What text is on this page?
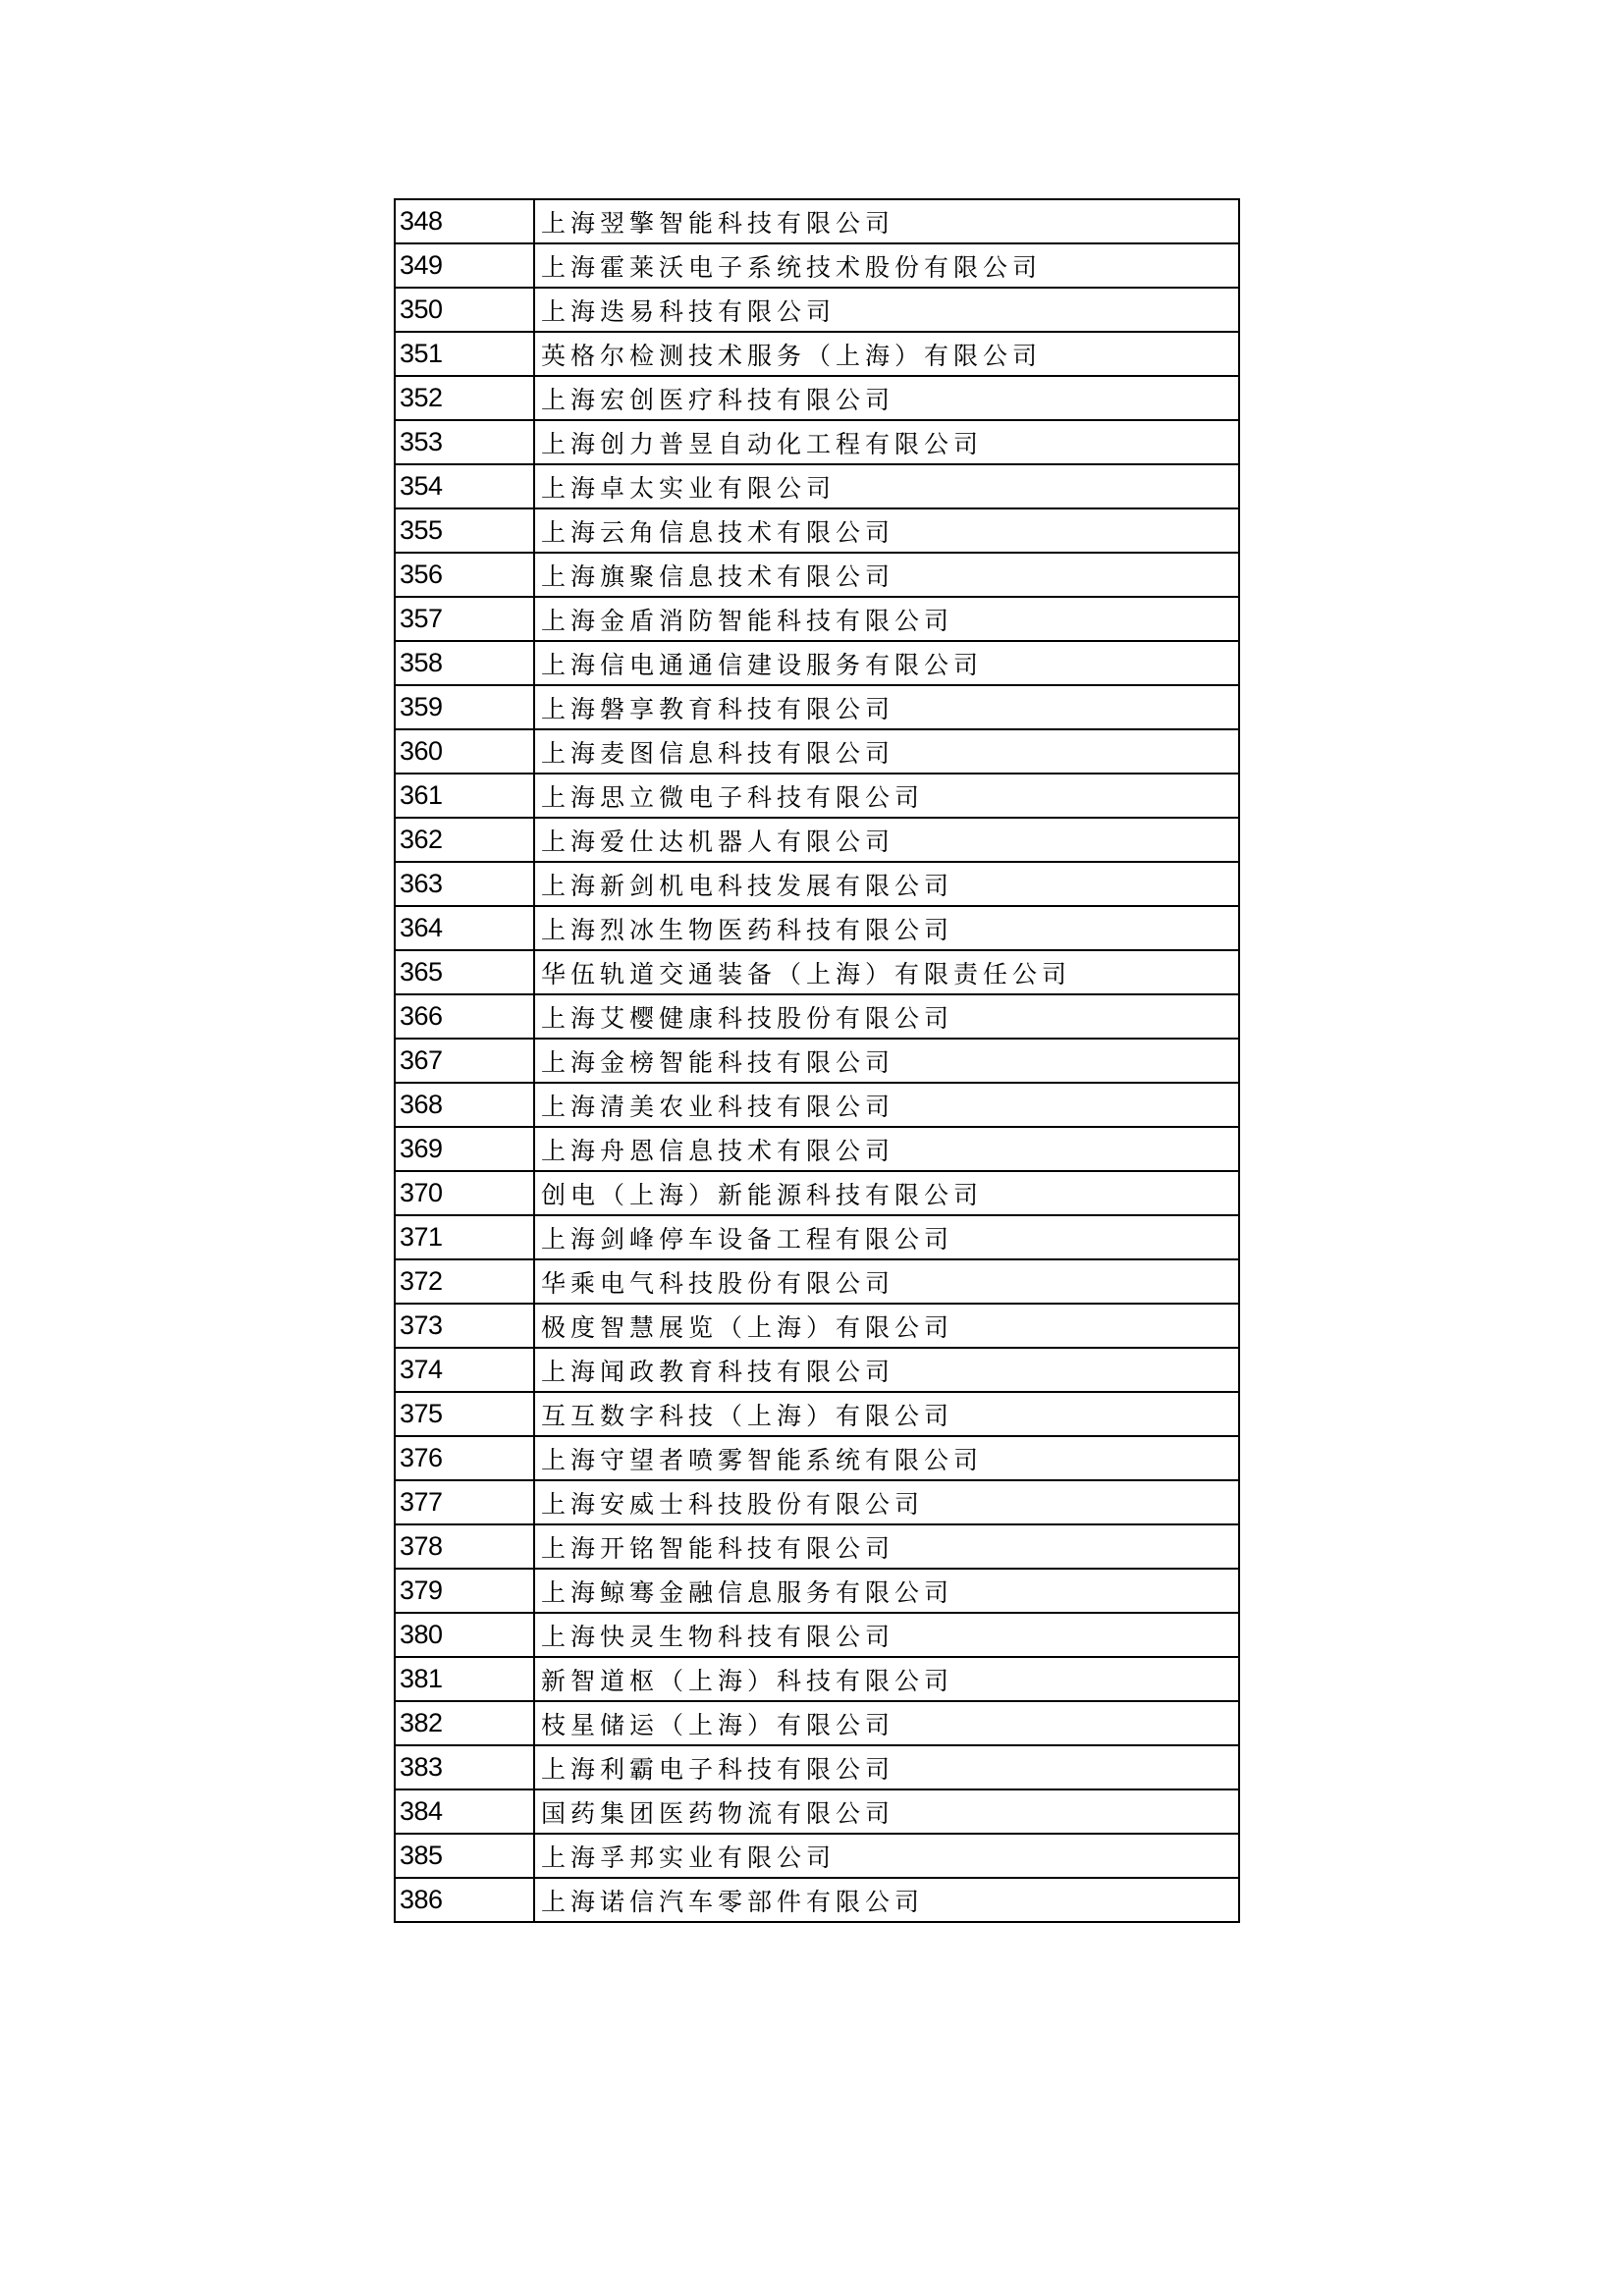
348	上海翌擎智能科技有限公司
349	上海霍莱沃电子系统技术股份有限公司
350	上海迭易科技有限公司
351	英格尔检测技术服务（上海）有限公司
352	上海宏创医疗科技有限公司
353	上海创力普昱自动化工程有限公司
354	上海卓太实业有限公司
355	上海云角信息技术有限公司
356	上海旗聚信息技术有限公司
357	上海金盾消防智能科技有限公司
358	上海信电通通信建设服务有限公司
359	上海磐享教育科技有限公司
360	上海麦图信息科技有限公司
361	上海思立微电子科技有限公司
362	上海爱仕达机器人有限公司
363	上海新剑机电科技发展有限公司
364	上海烈冰生物医药科技有限公司
365	华伍轨道交通装备（上海）有限责任公司
366	上海艾樱健康科技股份有限公司
367	上海金榜智能科技有限公司
368	上海清美农业科技有限公司
369	上海舟恩信息技术有限公司
370	创电（上海）新能源科技有限公司
371	上海剑峰停车设备工程有限公司
372	华乘电气科技股份有限公司
373	极度智慧展览（上海）有限公司
374	上海闻政教育科技有限公司
375	互互数字科技（上海）有限公司
376	上海守望者喷雾智能系统有限公司
377	上海安威士科技股份有限公司
378	上海开铭智能科技有限公司
379	上海鲸骞金融信息服务有限公司
380	上海快灵生物科技有限公司
381	新智道枢（上海）科技有限公司
382	枝星储运（上海）有限公司
383	上海利霸电子科技有限公司
384	国药集团医药物流有限公司
385	上海孚邦实业有限公司
386	上海诺信汽车零部件有限公司
